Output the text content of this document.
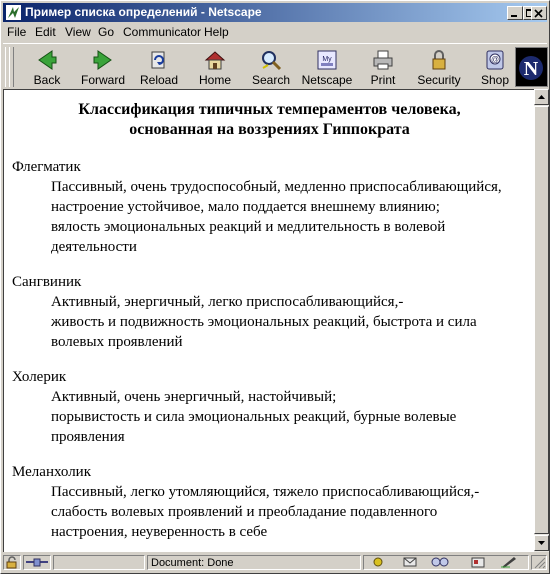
Пример списка определений - Netscape
File Edit View Go Communicator Help
Back	Forward	Reload	Home	Search
My
Netscape	Print	Security
@
Shop N
Классификация типичных темпераментов человека,
основанная на воззрениях Гиппократа
Флегматик
Пассивный, очень трудоспособный, медленно приспосабливающийся,
настроение устойчивое, мало поддается внешнему влиянию;
вялость эмоциональных реакций и медлительность в волевой
деятельности
Сангвиник
Активный, энергичный, легко приспосабливающийся,-
живость и подвижность эмоциональных реакций, быстрота и сила
волевых проявлений
Холерик
Активный, очень энергичный, настойчивый;
порывистость и сила эмоциональных реакций, бурные волевые
проявления
Меланхолик
Пассивный, легко утомляющийся, тяжело приспосабливающийся,-
слабость волевых проявлений и преобладание подавленного
настроения, неуверенность в себе
Document: Done
